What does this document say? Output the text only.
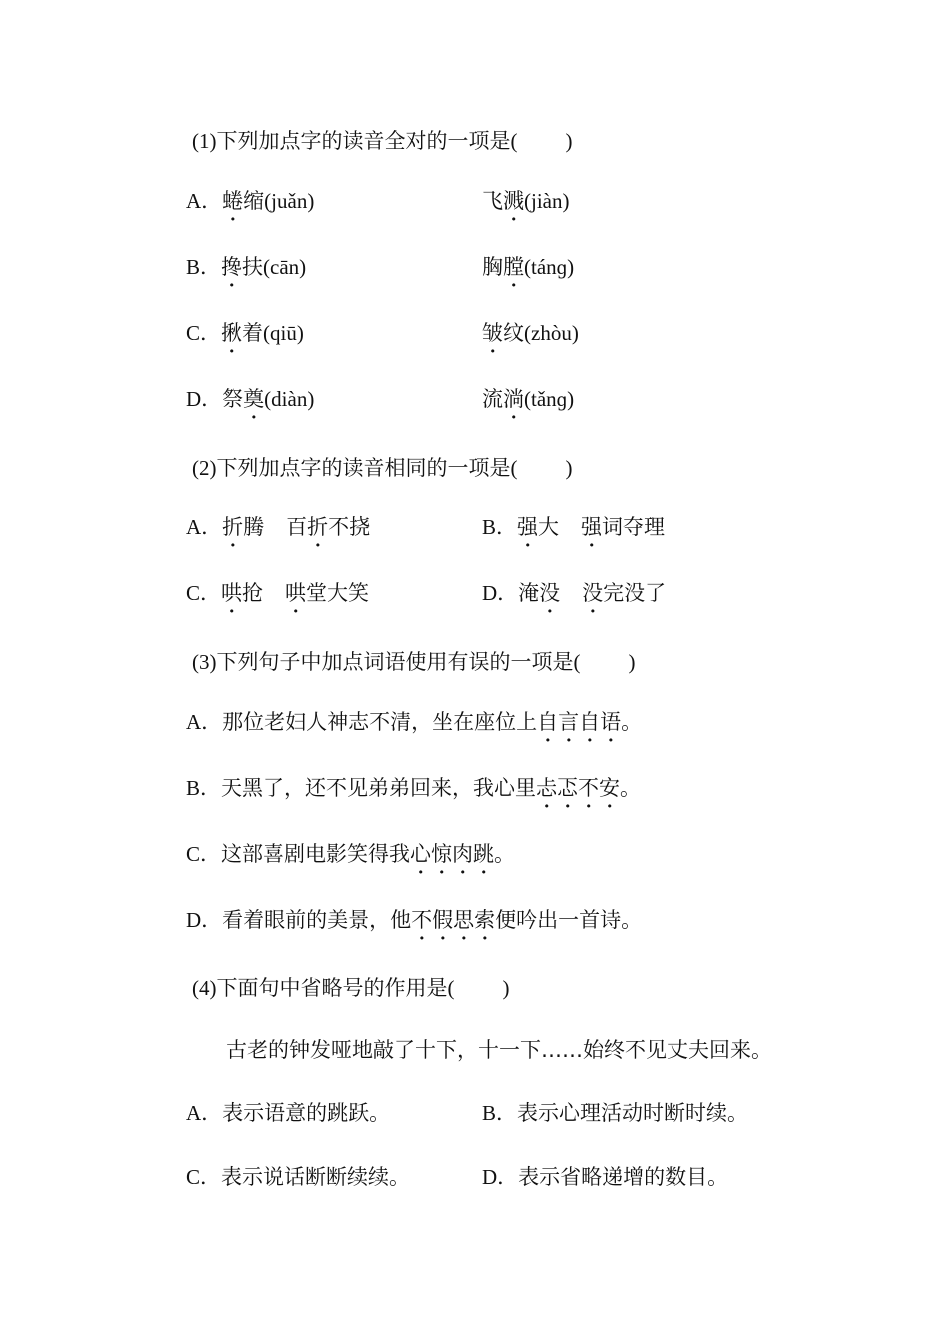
(1)下列加点字的读音全对的一项是( )
A．蜷缩(juǎn)	飞溅(jiàn)
B．搀扶(cān)	胸膛(tánɡ)
C．揪着(qiū)	皱纹(zhòu)
D．祭奠(diàn)	流淌(tǎnɡ)
(2)下列加点字的读音相同的一项是( )
A．折腾 百折不挠	B．强大 强词夺理
C．哄抢 哄堂大笑	D．淹没 没完没了
(3)下列句子中加点词语使用有误的一项是( )
A．那位老妇人神志不清，坐在座位上自言自语。
B．天黑了，还不见弟弟回来，我心里忐忑不安。
C．这部喜剧电影笑得我心惊肉跳。
D．看着眼前的美景，他不假思索便吟出一首诗。
(4)下面句中省略号的作用是( )
古老的钟发哑地敲了十下，十一下……始终不见丈夫回来。
A．表示语意的跳跃。	B．表示心理活动时断时续。
C．表示说话断断续续。	D．表示省略递增的数目。
